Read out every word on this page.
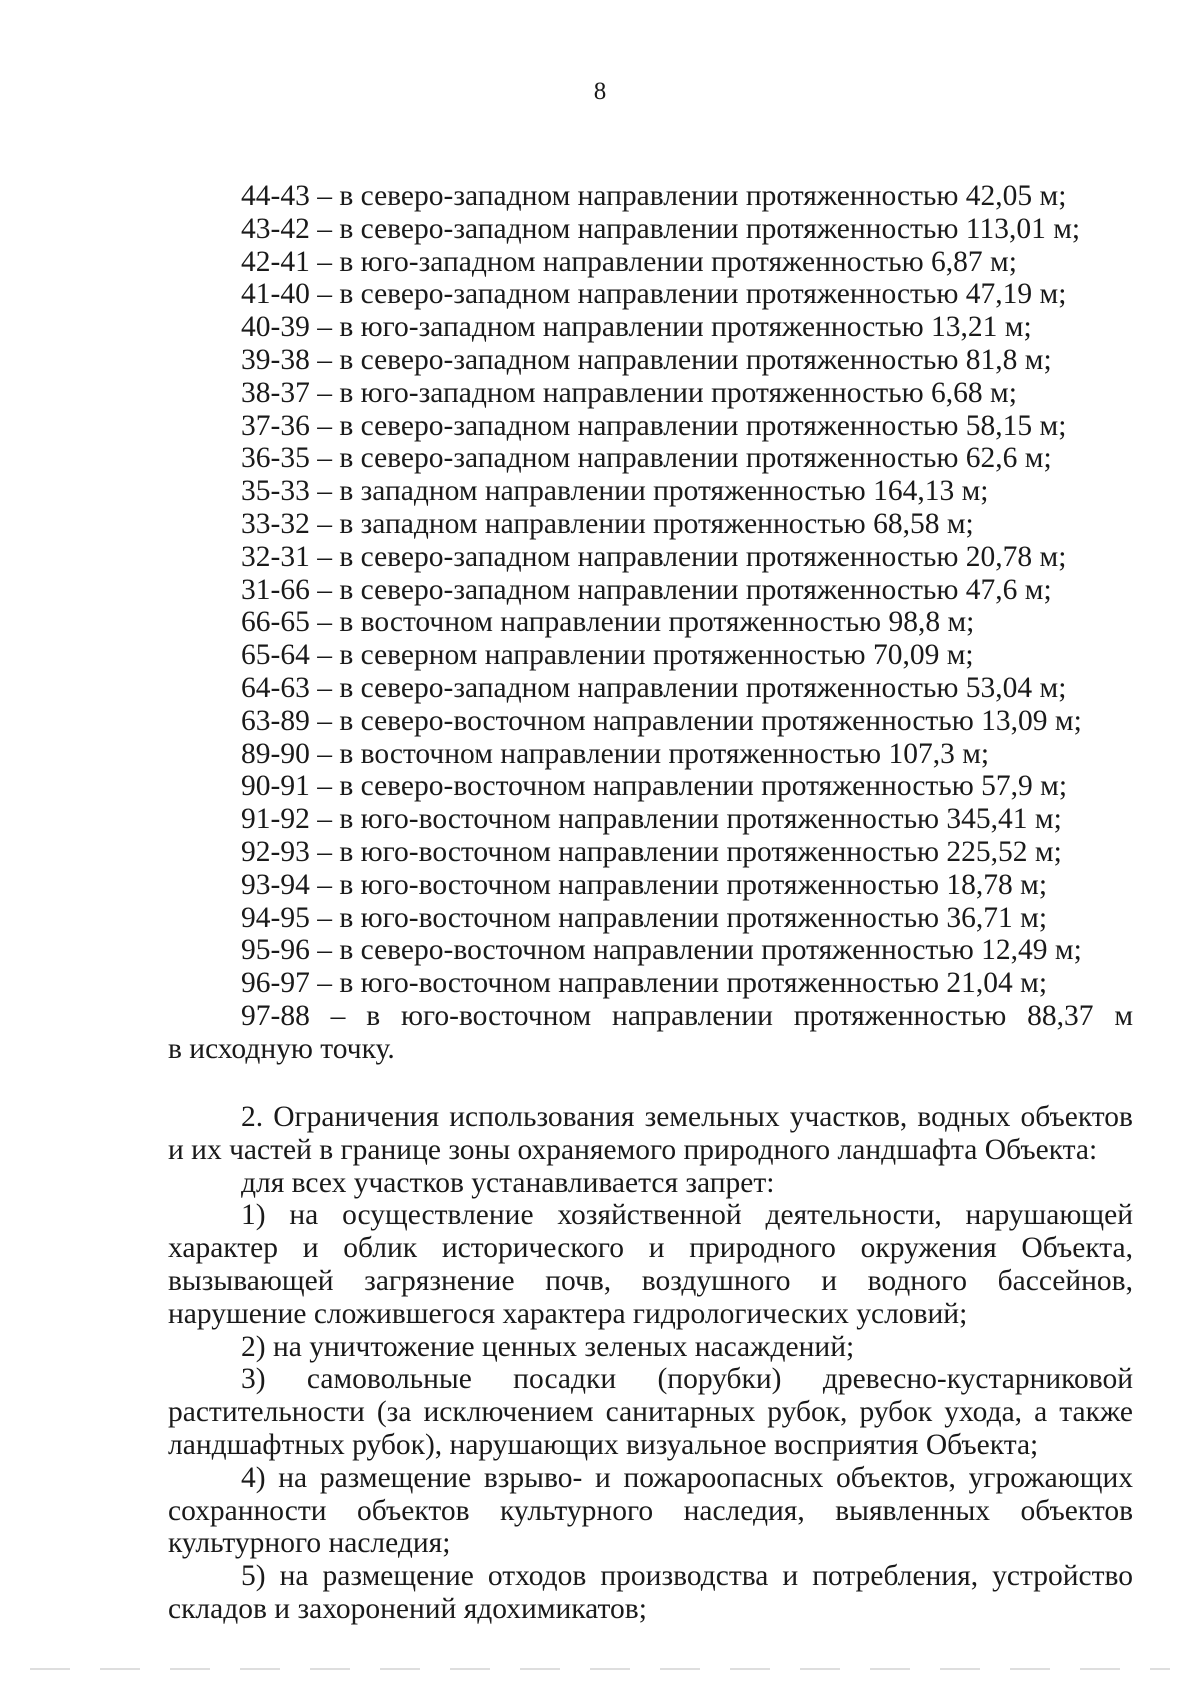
8
44-43 – в северо-западном направлении протяженностью 42,05 м;
43-42 – в северо-западном направлении протяженностью 113,01 м;
42-41 – в юго-западном направлении протяженностью 6,87 м;
41-40 – в северо-западном направлении протяженностью 47,19 м;
40-39 – в юго-западном направлении протяженностью 13,21 м;
39-38 – в северо-западном направлении протяженностью 81,8 м;
38-37 – в юго-западном направлении протяженностью 6,68 м;
37-36 – в северо-западном направлении протяженностью 58,15 м;
36-35 – в северо-западном направлении протяженностью 62,6 м;
35-33 – в западном направлении протяженностью 164,13 м;
33-32 – в западном направлении протяженностью 68,58 м;
32-31 – в северо-западном направлении протяженностью 20,78 м;
31-66 – в северо-западном направлении протяженностью 47,6 м;
66-65 – в восточном направлении протяженностью 98,8 м;
65-64 – в северном направлении протяженностью 70,09 м;
64-63 – в северо-западном направлении протяженностью 53,04 м;
63-89 – в северо-восточном направлении протяженностью 13,09 м;
89-90 – в восточном направлении протяженностью 107,3 м;
90-91 – в северо-восточном направлении протяженностью 57,9 м;
91-92 – в юго-восточном направлении протяженностью 345,41 м;
92-93 – в юго-восточном направлении протяженностью 225,52 м;
93-94 – в юго-восточном направлении протяженностью 18,78 м;
94-95 – в юго-восточном направлении протяженностью 36,71 м;
95-96 – в северо-восточном направлении протяженностью 12,49 м;
96-97 – в юго-восточном направлении протяженностью 21,04 м;
97-88 – в юго-восточном направлении протяженностью 88,37 м
в исходную точку.
2. Ограничения использования земельных участков, водных объектов и их частей в границе зоны охраняемого природного ландшафта Объекта:
для всех участков устанавливается запрет:
1) на осуществление хозяйственной деятельности, нарушающей характер и облик исторического и природного окружения Объекта, вызывающей загрязнение почв, воздушного и водного бассейнов, нарушение сложившегося характера гидрологических условий;
2) на уничтожение ценных зеленых насаждений;
3) самовольные посадки (порубки) древесно-кустарниковой растительности (за исключением санитарных рубок, рубок ухода, а также ландшафтных рубок), нарушающих визуальное восприятия Объекта;
4) на размещение взрыво- и пожароопасных объектов, угрожающих сохранности объектов культурного наследия, выявленных объектов культурного наследия;
5) на размещение отходов производства и потребления, устройство складов и захоронений ядохимикатов;
